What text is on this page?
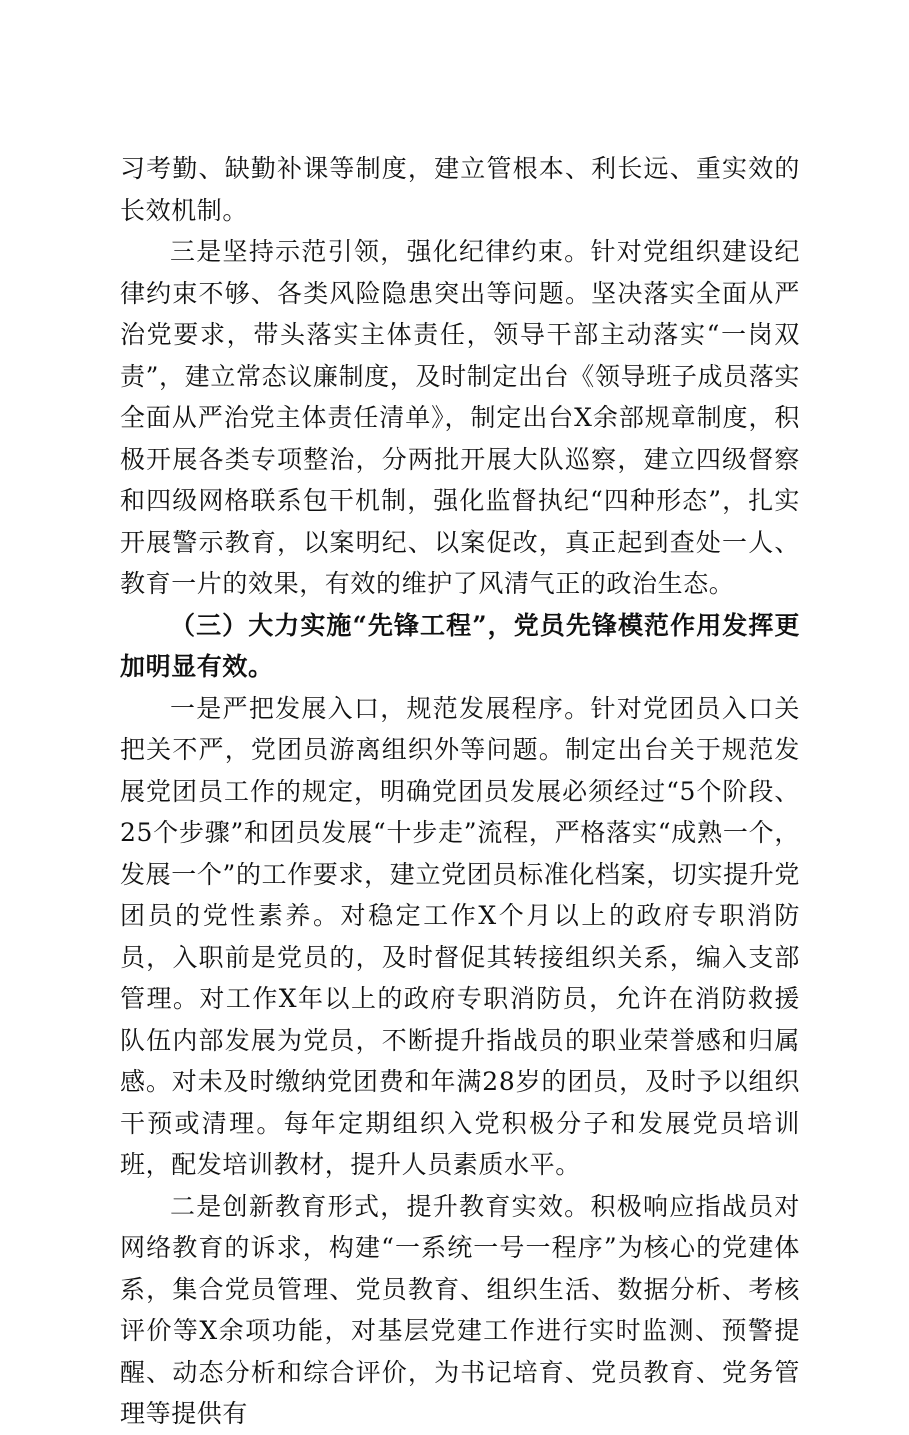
习考勤、缺勤补课等制度，建立管根本、利长远、重实效的长效机制。

三是坚持示范引领，强化纪律约束。针对党组织建设纪律约束不够、各类风险隐患突出等问题。坚决落实全面从严治党要求，带头落实主体责任，领导干部主动落实“一岗双责”，建立常态议廉制度，及时制定出台《领导班子成员落实全面从严治党主体责任清单》，制定出台X余部规章制度，积极开展各类专项整治，分两批开展大队巡察，建立四级督察和四级网格联系包干机制，强化监督执纪“四种形态”，扎实开展警示教育，以案明纪、以案促改，真正起到查处一人、教育一片的效果，有效的维护了风清气正的政治生态。

（三）大力实施“先锋工程”，党员先锋模范作用发挥更加明显有效。

一是严把发展入口，规范发展程序。针对党团员入口关把关不严，党团员游离组织外等问题。制定出台关于规范发展党团员工作的规定，明确党团员发展必须经过“5个阶段、25个步骤”和团员发展“十步走”流程，严格落实“成熟一个，发展一个”的工作要求，建立党团员标准化档案，切实提升党团员的党性素养。对稳定工作X个月以上的政府专职消防员，入职前是党员的，及时督促其转接组织关系，编入支部管理。对工作X年以上的政府专职消防员，允许在消防救援队伍内部发展为党员，不断提升指战员的职业荣誉感和归属感。对未及时缴纳党团费和年满28岁的团员，及时予以组织干预或清理。每年定期组织入党积极分子和发展党员培训班，配发培训教材，提升人员素质水平。

二是创新教育形式，提升教育实效。积极响应指战员对网络教育的诉求，构建“一系统一号一程序”为核心的党建体系，集合党员管理、党员教育、组织生活、数据分析、考核评价等X余项功能，对基层党建工作进行实时监测、预警提醒、动态分析和综合评价，为书记培育、党员教育、党务管理等提供有
